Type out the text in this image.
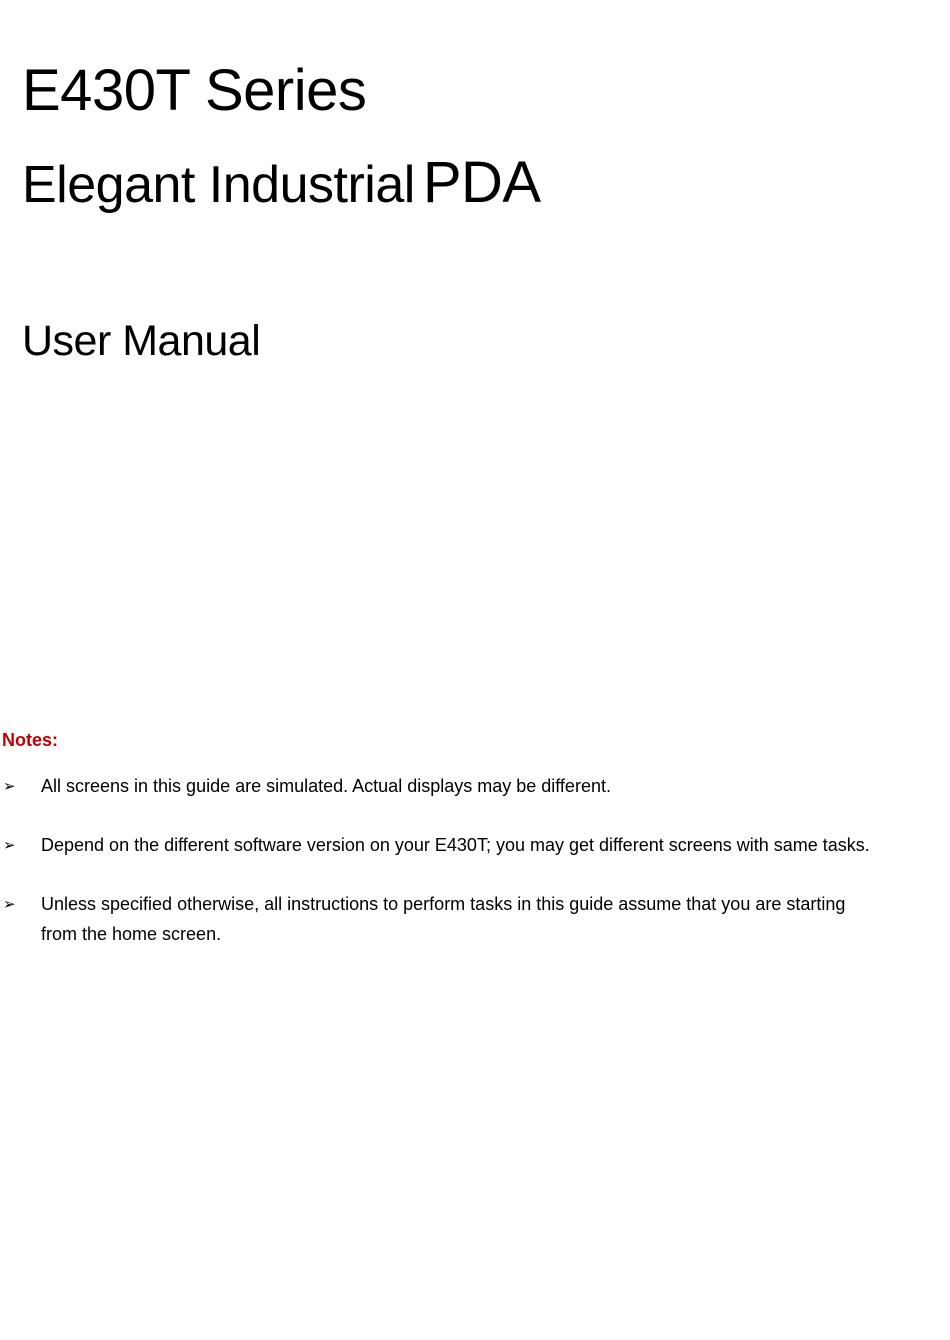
E430T Series
Elegant Industrial PDA
User Manual
Notes:
➢ All screens in this guide are simulated. Actual displays may be different.
➢ Depend on the different software version on your E430T; you may get different screens with same tasks.
➢ Unless specified otherwise, all instructions to perform tasks in this guide assume that you are starting from the home screen.
